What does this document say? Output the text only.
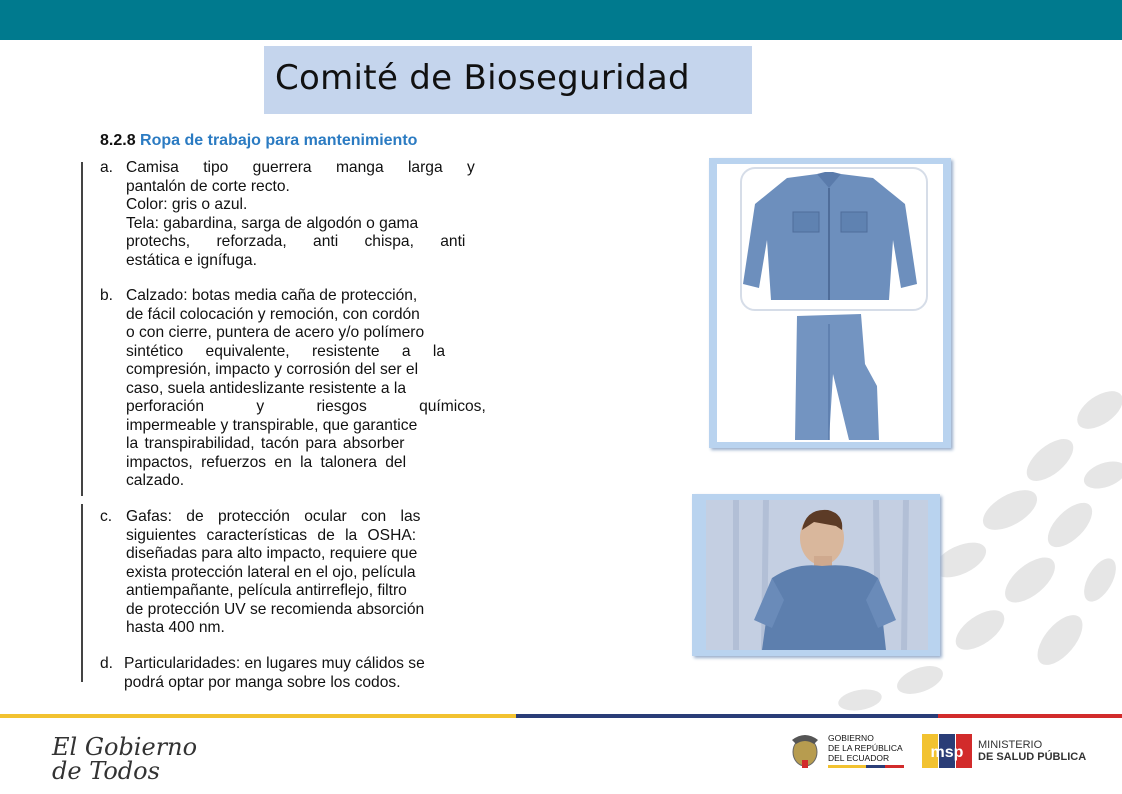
Comité de Bioseguridad
8.2.8 Ropa de trabajo para mantenimiento
a. Camisa tipo guerrera manga larga y
pantalón de corte recto.
Color: gris o azul.
Tela: gabardina, sarga de algodón o gama
protechs, reforzada, anti chispa, anti
estática e ignífuga.
b. Calzado: botas media caña de protección,
de fácil colocación y remoción, con cordón
o con cierre, puntera de acero y/o polímero
sintético equivalente, resistente a la
compresión, impacto y corrosión del ser el
caso, suela antideslizante resistente a la
perforación y riesgos químicos,
impermeable y transpirable, que garantice
la transpirabilidad, tacón para absorber
impactos, refuerzos en la talonera del
calzado.
c. Gafas: de protección ocular con las
siguientes características de la OSHA:
diseñadas para alto impacto, requiere que
exista protección lateral en el ojo, película
antiempañante, película antirreflejo, filtro
de protección UV se recomienda absorción
hasta 400 nm.
d. Particularidades: en lugares muy cálidos se
podrá optar por manga sobre los codos.
El Gobierno
de Todos
GOBIERNO
DE LA REPÚBLICA
DEL ECUADOR	msp MINISTERIO
DE SALUD PÚBLICA
